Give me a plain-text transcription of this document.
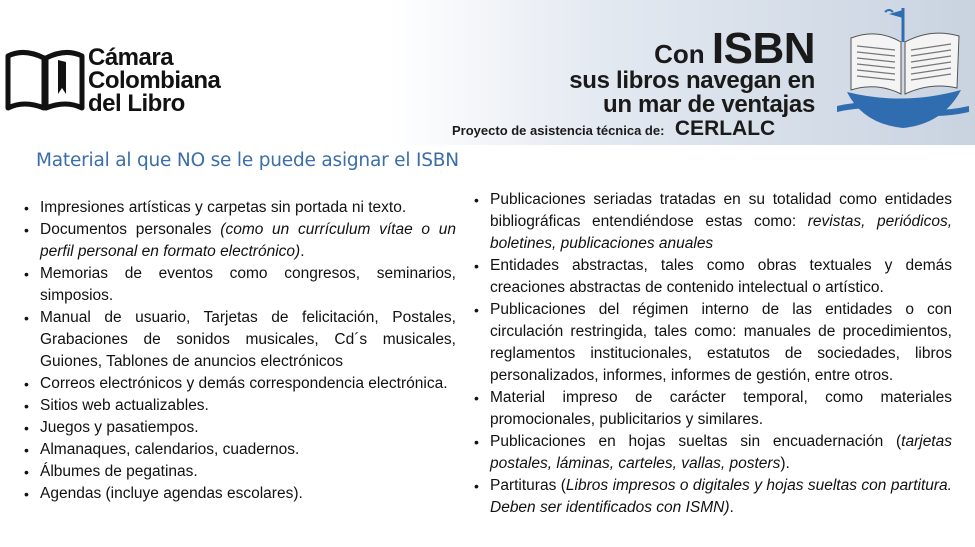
Cámara
Colombiana
del Libro
Con ISBN
sus libros navegan en
un mar de ventajas
Proyecto de asistencia técnica de: CERLALC
Material al que NO se le puede asignar el ISBN
• Impresiones artísticas y carpetas sin portada ni texto.
• Documentos personales (como un currículum vítae o un perfil personal en formato electrónico).
• Memorias de eventos como congresos, seminarios, simposios.
• Manual de usuario, Tarjetas de felicitación, Postales, Grabaciones de sonidos musicales, Cd´s musicales, Guiones, Tablones de anuncios electrónicos
• Correos electrónicos y demás correspondencia electrónica.
• Sitios web actualizables.
• Juegos y pasatiempos.
• Almanaques, calendarios, cuadernos.
• Álbumes de pegatinas.
• Agendas (incluye agendas escolares).
• Publicaciones seriadas tratadas en su totalidad como entidades bibliográficas entendiéndose estas como: revistas, periódicos, boletines, publicaciones anuales
• Entidades abstractas, tales como obras textuales y demás creaciones abstractas de contenido intelectual o artístico.
• Publicaciones del régimen interno de las entidades o con circulación restringida, tales como: manuales de procedimientos, reglamentos institucionales, estatutos de sociedades, libros personalizados, informes, informes de gestión, entre otros.
• Material impreso de carácter temporal, como materiales promocionales, publicitarios y similares.
• Publicaciones en hojas sueltas sin encuadernación (tarjetas postales, láminas, carteles, vallas, posters).
• Partituras (Libros impresos o digitales y hojas sueltas con partitura. Deben ser identificados con ISMN).
